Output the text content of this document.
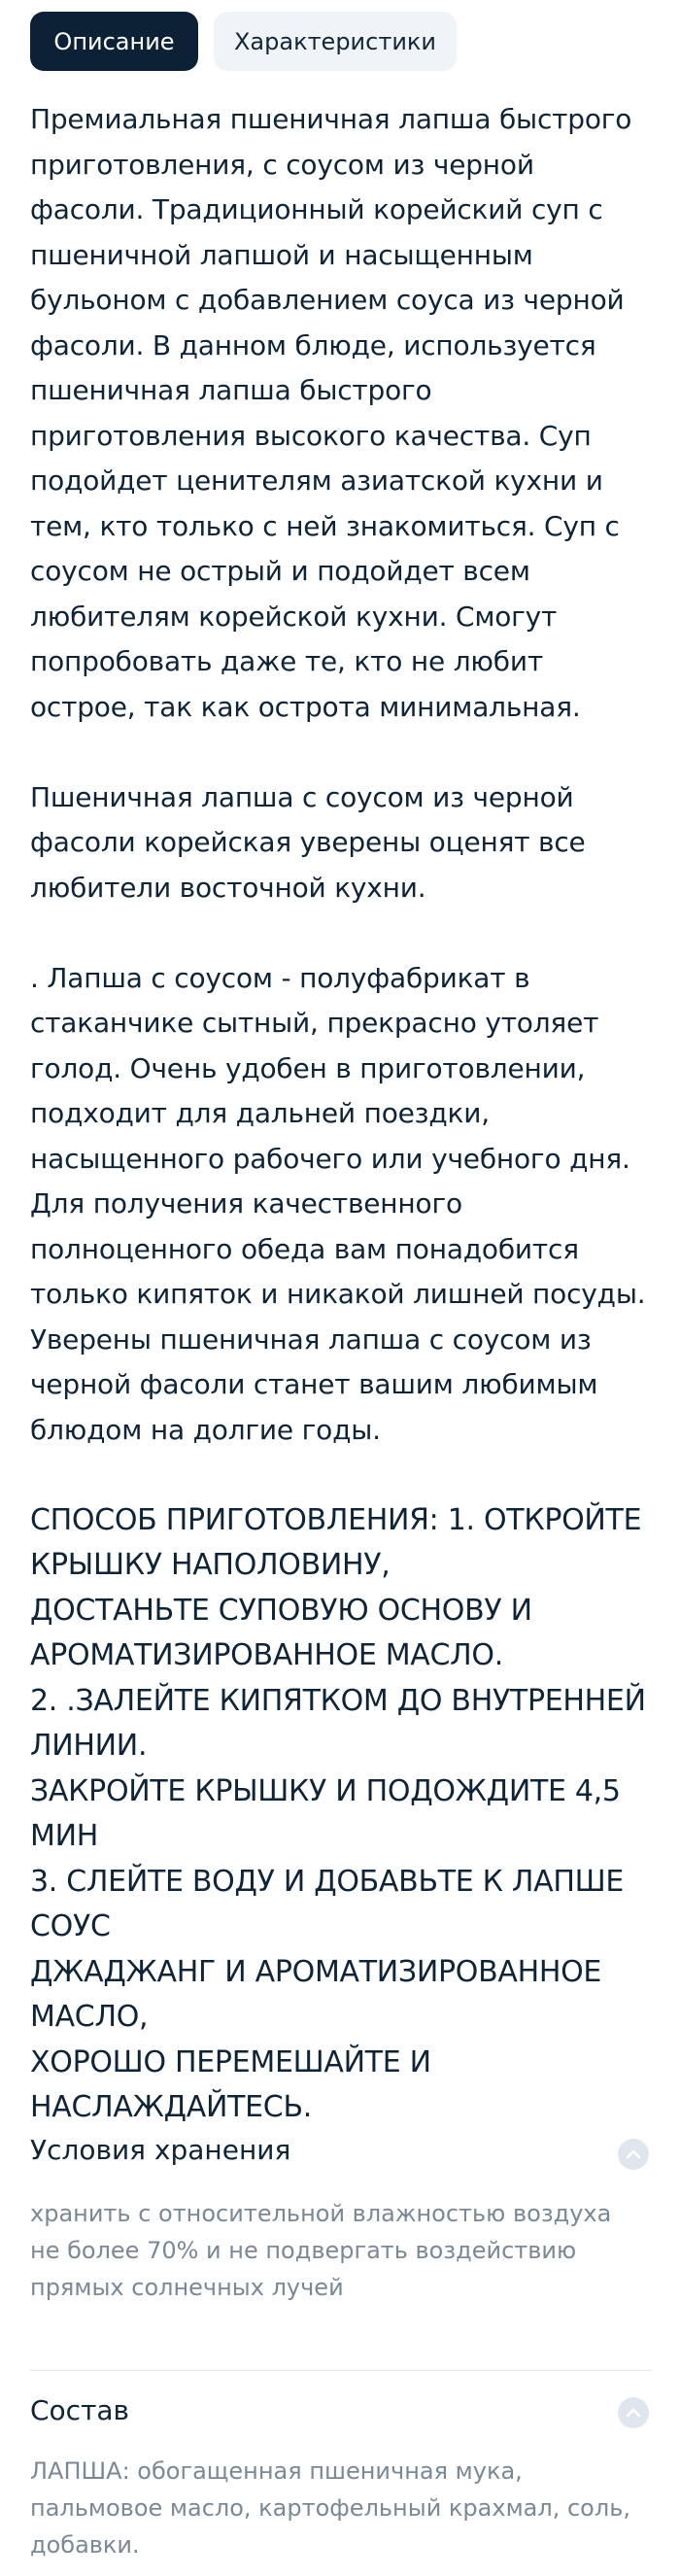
Описание	Характеристики

Премиальная пшеничная лапша быстрого приготовления, с соусом из черной фасоли. Традиционный корейский суп с пшеничной лапшой и насыщенным бульоном с добавлением соуса из черной фасоли. В данном блюде, используется пшеничная лапша быстрого приготовления высокого качества. Суп подойдет ценителям азиатской кухни и тем, кто только с ней знакомиться. Суп с соусом не острый и подойдет всем любителям корейской кухни. Смогут попробовать даже те, кто не любит острое, так как острота минимальная.

Пшеничная лапша с соусом из черной фасоли корейская уверены оценят все любители восточной кухни.

. Лапша с соусом - полуфабрикат в стаканчике сытный, прекрасно утоляет голод. Очень удобен в приготовлении, подходит для дальней поездки, насыщенного рабочего или учебного дня. Для получения качественного полноценного обеда вам понадобится только кипяток и никакой лишней посуды. Уверены пшеничная лапша с соусом из черной фасоли станет вашим любимым блюдом на долгие годы.

СПОСОБ ПРИГОТОВЛЕНИЯ: 1. ОТКРОЙТЕ КРЫШКУ НАПОЛОВИНУ,

ДОСТАНЬТЕ СУПОВУЮ ОСНОВУ И АРОМАТИЗИРОВАННОЕ МАСЛО.

2. .ЗАЛЕЙТЕ КИПЯТКОМ ДО ВНУТРЕННЕЙ ЛИНИИ.

ЗАКРОЙТЕ КРЫШКУ И ПОДОЖДИТЕ 4,5 МИН

3. СЛЕЙТЕ ВОДУ И ДОБАВЬТЕ К ЛАПШЕ СОУС

ДЖАДЖАНГ И АРОМАТИЗИРОВАННОЕ МАСЛО,

ХОРОШО ПЕРЕМЕШАЙТЕ И НАСЛАЖДАЙТЕСЬ.

Условия хранения
хранить с относительной влажностью воздуха не более 70% и не подвергать воздействию прямых солнечных лучей
Состав
ЛАПША: обогащенная пшеничная мука, пальмовое масло, картофельный крахмал, соль, добавки.
